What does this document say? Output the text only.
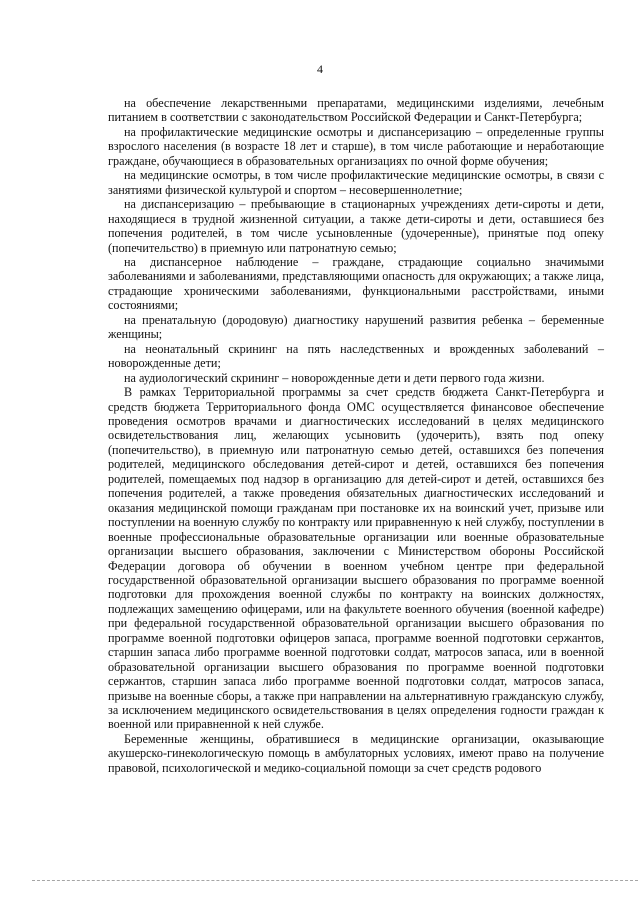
4

на обеспечение лекарственными препаратами, медицинскими изделиями, лечебным питанием в соответствии с законодательством Российской Федерации и Санкт-Петербурга;

на профилактические медицинские осмотры и диспансеризацию – определенные группы взрослого населения (в возрасте 18 лет и старше), в том числе работающие и неработающие граждане, обучающиеся в образовательных организациях по очной форме обучения;

на медицинские осмотры, в том числе профилактические медицинские осмотры, в связи с занятиями физической культурой и спортом – несовершеннолетние;

на диспансеризацию – пребывающие в стационарных учреждениях дети-сироты и дети, находящиеся в трудной жизненной ситуации, а также дети-сироты и дети, оставшиеся без попечения родителей, в том числе усыновленные (удочеренные), принятые под опеку (попечительство) в приемную или патронатную семью;

на диспансерное наблюдение – граждане, страдающие социально значимыми заболеваниями и заболеваниями, представляющими опасность для окружающих; а также лица, страдающие хроническими заболеваниями, функциональными расстройствами, иными состояниями;

на пренатальную (дородовую) диагностику нарушений развития ребенка – беременные женщины;

на неонатальный скрининг на пять наследственных и врожденных заболеваний – новорожденные дети;

на аудиологический скрининг – новорожденные дети и дети первого года жизни.

В рамках Территориальной программы за счет средств бюджета Санкт-Петербурга и средств бюджета Территориального фонда ОМС осуществляется финансовое обеспечение проведения осмотров врачами и диагностических исследований в целях медицинского освидетельствования лиц, желающих усыновить (удочерить), взять под опеку (попечительство), в приемную или патронатную семью детей, оставшихся без попечения родителей, медицинского обследования детей-сирот и детей, оставшихся без попечения родителей, помещаемых под надзор в организацию для детей-сирот и детей, оставшихся без попечения родителей, а также проведения обязательных диагностических исследований и оказания медицинской помощи гражданам при постановке их на воинский учет, призыве или поступлении на военную службу по контракту или приравненную к ней службу, поступлении в военные профессиональные образовательные организации или военные образовательные организации высшего образования, заключении с Министерством обороны Российской Федерации договора об обучении в военном учебном центре при федеральной государственной образовательной организации высшего образования по программе военной подготовки для прохождения военной службы по контракту на воинских должностях, подлежащих замещению офицерами, или на факультете военного обучения (военной кафедре) при федеральной государственной образовательной организации высшего образования по программе военной подготовки офицеров запаса, программе военной подготовки сержантов, старшин запаса либо программе военной подготовки солдат, матросов запаса, или в военной образовательной организации высшего образования по программе военной подготовки сержантов, старшин запаса либо программе военной подготовки солдат, матросов запаса, призыве на военные сборы, а также при направлении на альтернативную гражданскую службу, за исключением медицинского освидетельствования в целях определения годности граждан к военной или приравненной к ней службе.

Беременные женщины, обратившиеся в медицинские организации, оказывающие акушерско-гинекологическую помощь в амбулаторных условиях, имеют право на получение правовой, психологической и медико-социальной помощи за счет средств родового
